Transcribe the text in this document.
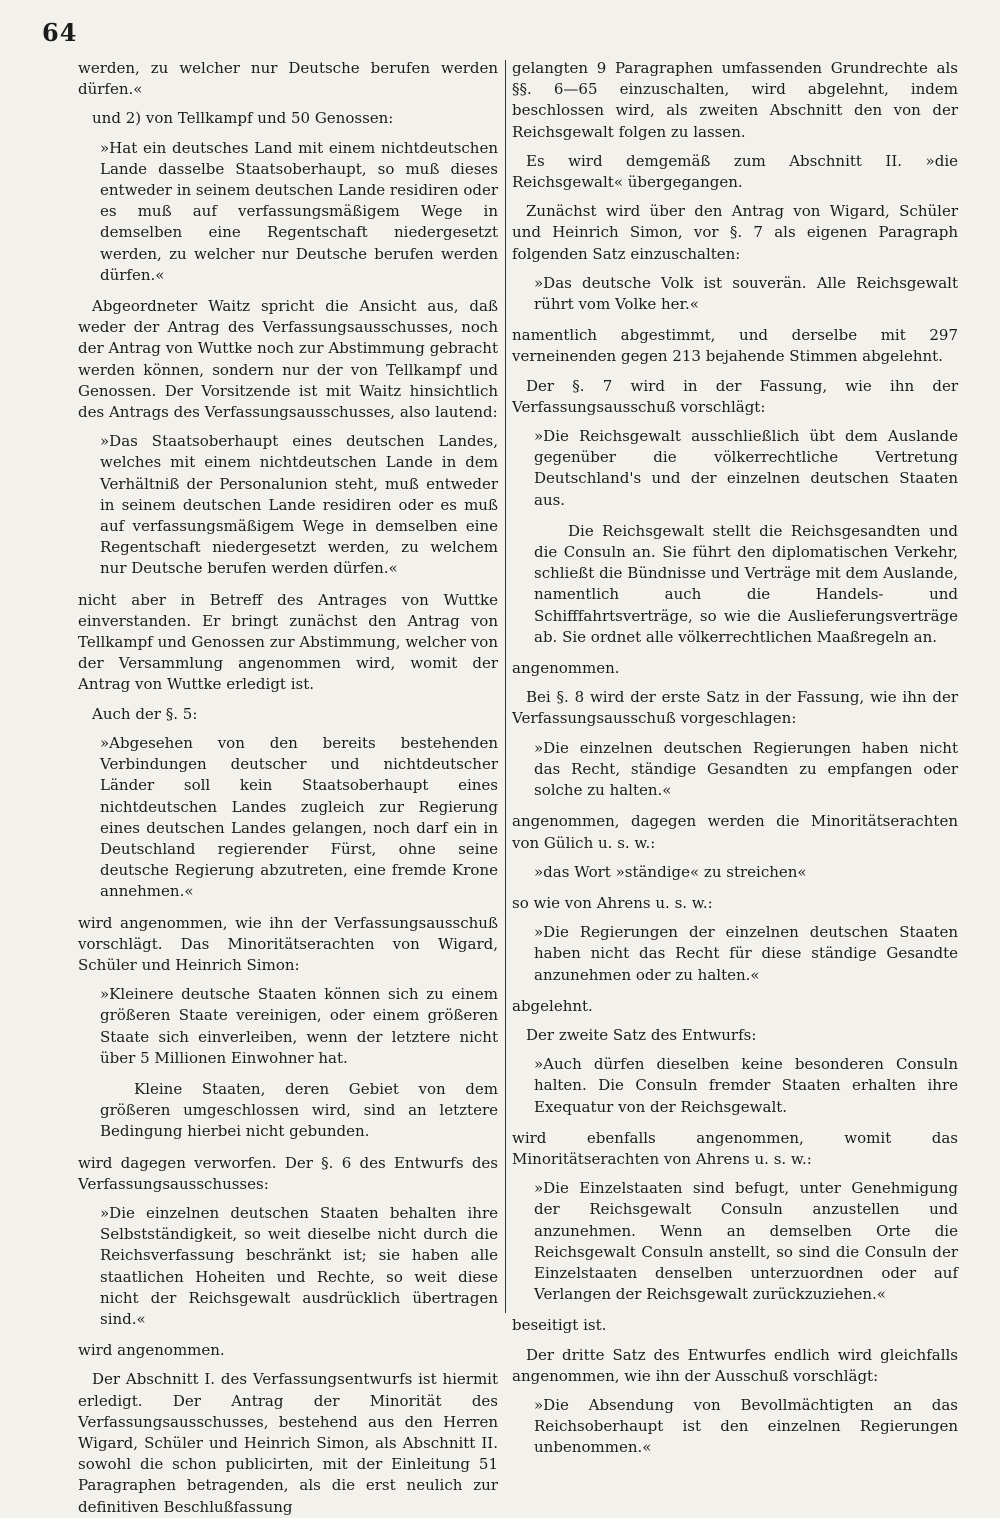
64

werden, zu welcher nur Deutsche berufen werden dürfen.«

und 2) von Tellkampf und 50 Genossen:

»Hat ein deutsches Land mit einem nichtdeutschen Lande dasselbe Staatsoberhaupt, so muß dieses entweder in seinem deutschen Lande residiren oder es muß auf verfassungsmäßigem Wege in demselben eine Regentschaft niedergesetzt werden, zu welcher nur Deutsche berufen werden dürfen.«

Abgeordneter Waitz spricht die Ansicht aus, daß weder der Antrag des Verfassungsausschusses, noch der Antrag von Wuttke noch zur Abstimmung gebracht werden können, sondern nur der von Tellkampf und Genossen. Der Vorsitzende ist mit Waitz hinsichtlich des Antrags des Verfassungsausschusses, also lautend:

»Das Staatsoberhaupt eines deutschen Landes, welches mit einem nichtdeutschen Lande in dem Verhältniß der Personalunion steht, muß entweder in seinem deutschen Lande residiren oder es muß auf verfassungsmäßigem Wege in demselben eine Regentschaft niedergesetzt werden, zu welchem nur Deutsche berufen werden dürfen.«

nicht aber in Betreff des Antrages von Wuttke einverstanden. Er bringt zunächst den Antrag von Tellkampf und Genossen zur Abstimmung, welcher von der Versammlung angenommen wird, womit der Antrag von Wuttke erledigt ist.

Auch der §. 5:

»Abgesehen von den bereits bestehenden Verbindungen deutscher und nichtdeutscher Länder soll kein Staatsoberhaupt eines nichtdeutschen Landes zugleich zur Regierung eines deutschen Landes gelangen, noch darf ein in Deutschland regierender Fürst, ohne seine deutsche Regierung abzutreten, eine fremde Krone annehmen.«

wird angenommen, wie ihn der Verfassungsausschuß vorschlägt. Das Minoritätserachten von Wigard, Schüler und Heinrich Simon:

»Kleinere deutsche Staaten können sich zu einem größeren Staate vereinigen, oder einem größeren Staate sich einverleiben, wenn der letztere nicht über 5 Millionen Einwohner hat.

Kleine Staaten, deren Gebiet von dem größeren umgeschlossen wird, sind an letztere Bedingung hierbei nicht gebunden.

wird dagegen verworfen. Der §. 6 des Entwurfs des Verfassungsausschusses:

»Die einzelnen deutschen Staaten behalten ihre Selbstständigkeit, so weit dieselbe nicht durch die Reichsverfassung beschränkt ist; sie haben alle staatlichen Hoheiten und Rechte, so weit diese nicht der Reichsgewalt ausdrücklich übertragen sind.«

wird angenommen.

Der Abschnitt I. des Verfassungsentwurfs ist hiermit erledigt. Der Antrag der Minorität des Verfassungsausschusses, bestehend aus den Herren Wigard, Schüler und Heinrich Simon, als Abschnitt II. sowohl die schon publicirten, mit der Einleitung 51 Paragraphen betragenden, als die erst neulich zur definitiven Beschlußfassung

gelangten 9 Paragraphen umfassenden Grundrechte als §§. 6—65 einzuschalten, wird abgelehnt, indem beschlossen wird, als zweiten Abschnitt den von der Reichsgewalt folgen zu lassen.

Es wird demgemäß zum Abschnitt II. »die Reichsgewalt« übergegangen.

Zunächst wird über den Antrag von Wigard, Schüler und Heinrich Simon, vor §. 7 als eigenen Paragraph folgenden Satz einzuschalten:

»Das deutsche Volk ist souverän. Alle Reichsgewalt rührt vom Volke her.«

namentlich abgestimmt, und derselbe mit 297 verneinenden gegen 213 bejahende Stimmen abgelehnt.

Der §. 7 wird in der Fassung, wie ihn der Verfassungsausschuß vorschlägt:

»Die Reichsgewalt ausschließlich übt dem Auslande gegenüber die völkerrechtliche Vertretung Deutschland's und der einzelnen deutschen Staaten aus.

Die Reichsgewalt stellt die Reichsgesandten und die Consuln an. Sie führt den diplomatischen Verkehr, schließt die Bündnisse und Verträge mit dem Auslande, namentlich auch die Handels- und Schifffahrtsverträge, so wie die Auslieferungsverträge ab. Sie ordnet alle völkerrechtlichen Maaßregeln an.

angenommen.

Bei §. 8 wird der erste Satz in der Fassung, wie ihn der Verfassungsausschuß vorgeschlagen:

»Die einzelnen deutschen Regierungen haben nicht das Recht, ständige Gesandten zu empfangen oder solche zu halten.«

angenommen, dagegen werden die Minoritätserachten von Gülich u. s. w.:

»das Wort »ständige« zu streichen«

so wie von Ahrens u. s. w.:

»Die Regierungen der einzelnen deutschen Staaten haben nicht das Recht für diese ständige Gesandte anzunehmen oder zu halten.«

abgelehnt.

Der zweite Satz des Entwurfs:

»Auch dürfen dieselben keine besonderen Consuln halten. Die Consuln fremder Staaten erhalten ihre Exequatur von der Reichsgewalt.

wird ebenfalls angenommen, womit das Minoritätserachten von Ahrens u. s. w.:

»Die Einzelstaaten sind befugt, unter Genehmigung der Reichsgewalt Consuln anzustellen und anzunehmen. Wenn an demselben Orte die Reichsgewalt Consuln anstellt, so sind die Consuln der Einzelstaaten denselben unterzuordnen oder auf Verlangen der Reichsgewalt zurückzuziehen.«

beseitigt ist.

Der dritte Satz des Entwurfes endlich wird gleichfalls angenommen, wie ihn der Ausschuß vorschlägt:

»Die Absendung von Bevollmächtigten an das Reichsoberhaupt ist den einzelnen Regierungen unbenommen.«
